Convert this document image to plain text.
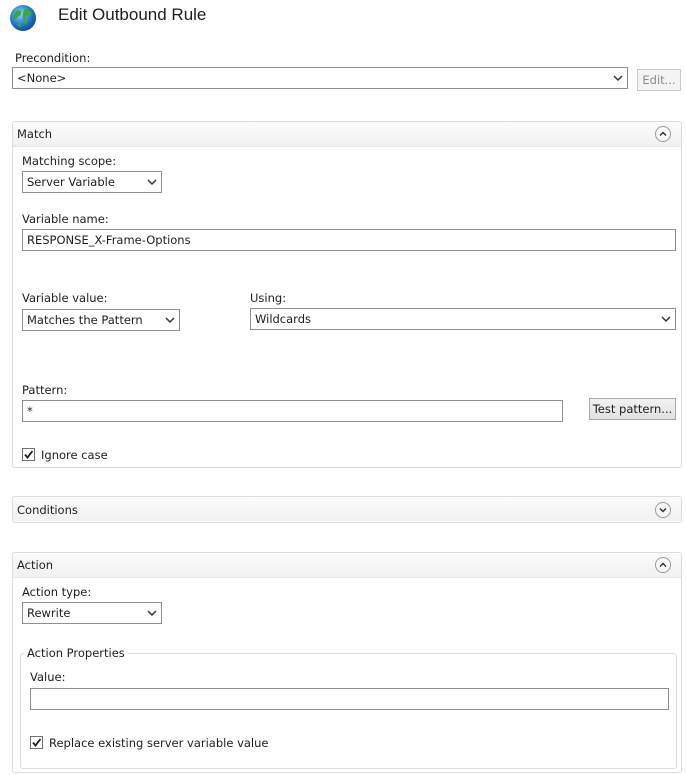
Edit Outbound Rule
Precondition:
<None>	Edit...
Match
Matching scope:
Server Variable
Variable name:
RESPONSE_X-Frame-Options
Variable value:
Matches the Pattern
Using:
Wildcards
Pattern:
*	Test pattern...
Ignore case
Conditions
Action
Action type:
Rewrite
Action Properties
Value:
Replace existing server variable value
